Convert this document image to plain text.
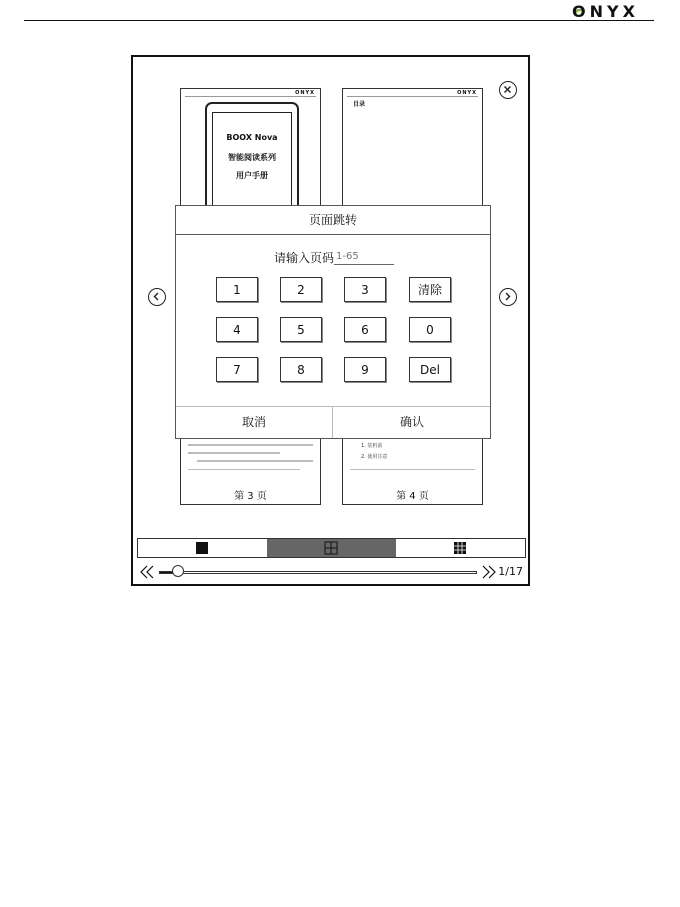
ONYX
ONYX
BOOX Nova
智能阅读系列
用户手册
ONYX
目录
第 3 页
1. 装机前
2. 使用注意
第 4 页
页面跳转
请输入页码
1-65
1	2	3	清除
4	5	6	0
7	8	9	Del
取消	确认
1/17
